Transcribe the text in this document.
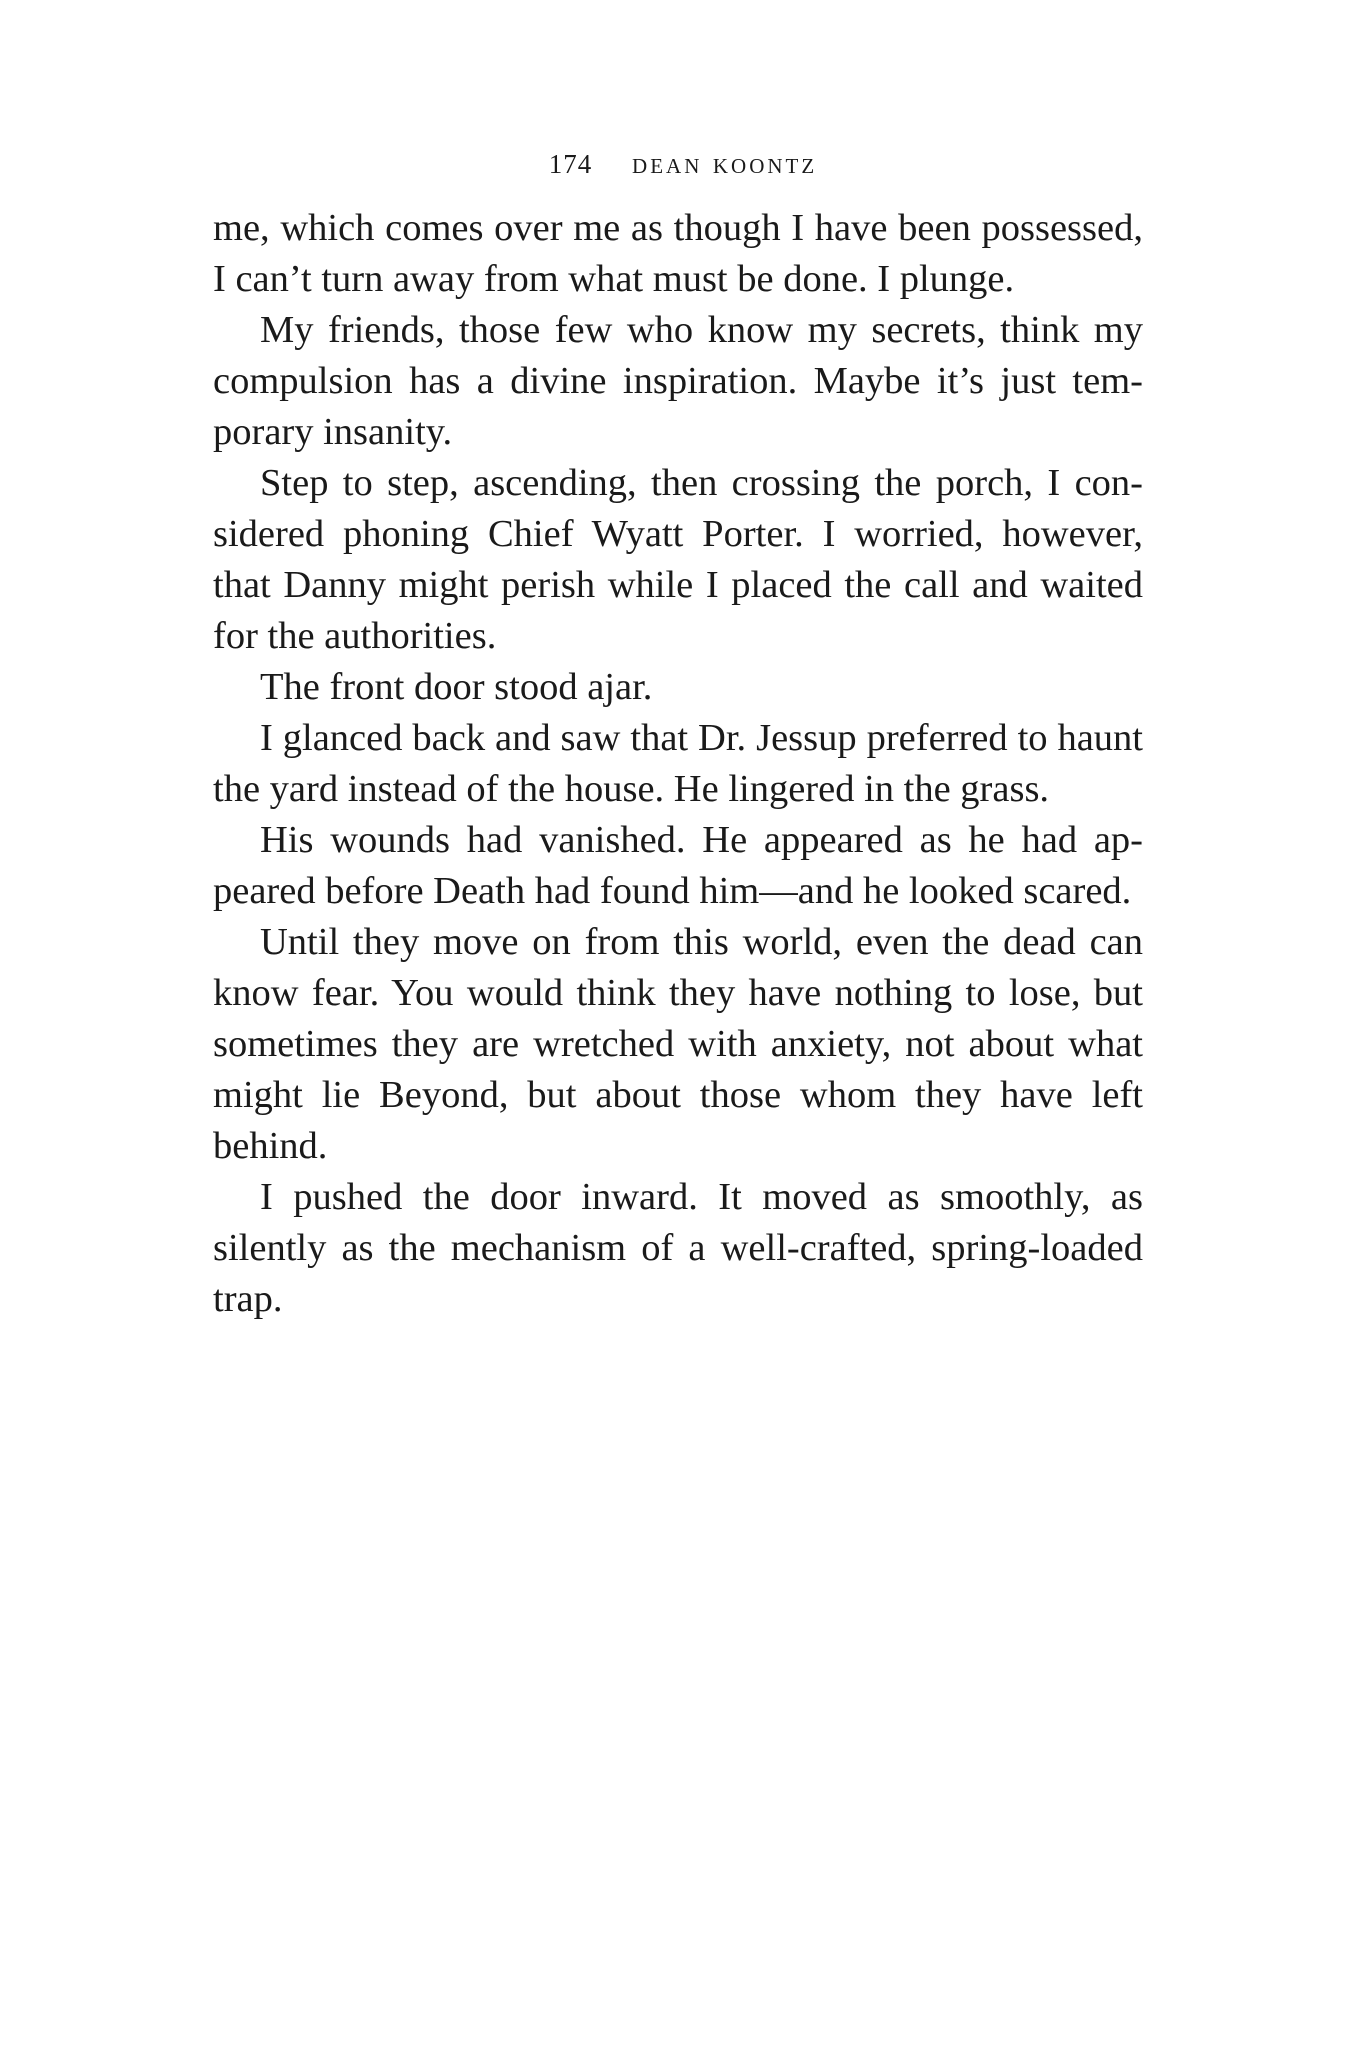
174 dean koontz

me, which comes over me as though I have been possessed, I can’t turn away from what must be done. I plunge.

My friends, those few who know my secrets, think my compulsion has a divine inspiration. Maybe it’s just temporary insanity.

Step to step, ascending, then crossing the porch, I considered phoning Chief Wyatt Porter. I worried, however, that Danny might perish while I placed the call and waited for the authorities.

The front door stood ajar.

I glanced back and saw that Dr. Jessup preferred to haunt the yard instead of the house. He lingered in the grass.

His wounds had vanished. He appeared as he had appeared before Death had found him—and he looked scared.

Until they move on from this world, even the dead can know fear. You would think they have nothing to lose, but sometimes they are wretched with anxiety, not about what might lie Beyond, but about those whom they have left behind.

I pushed the door inward. It moved as smoothly, as silently as the mechanism of a well-crafted, spring-loaded trap.
